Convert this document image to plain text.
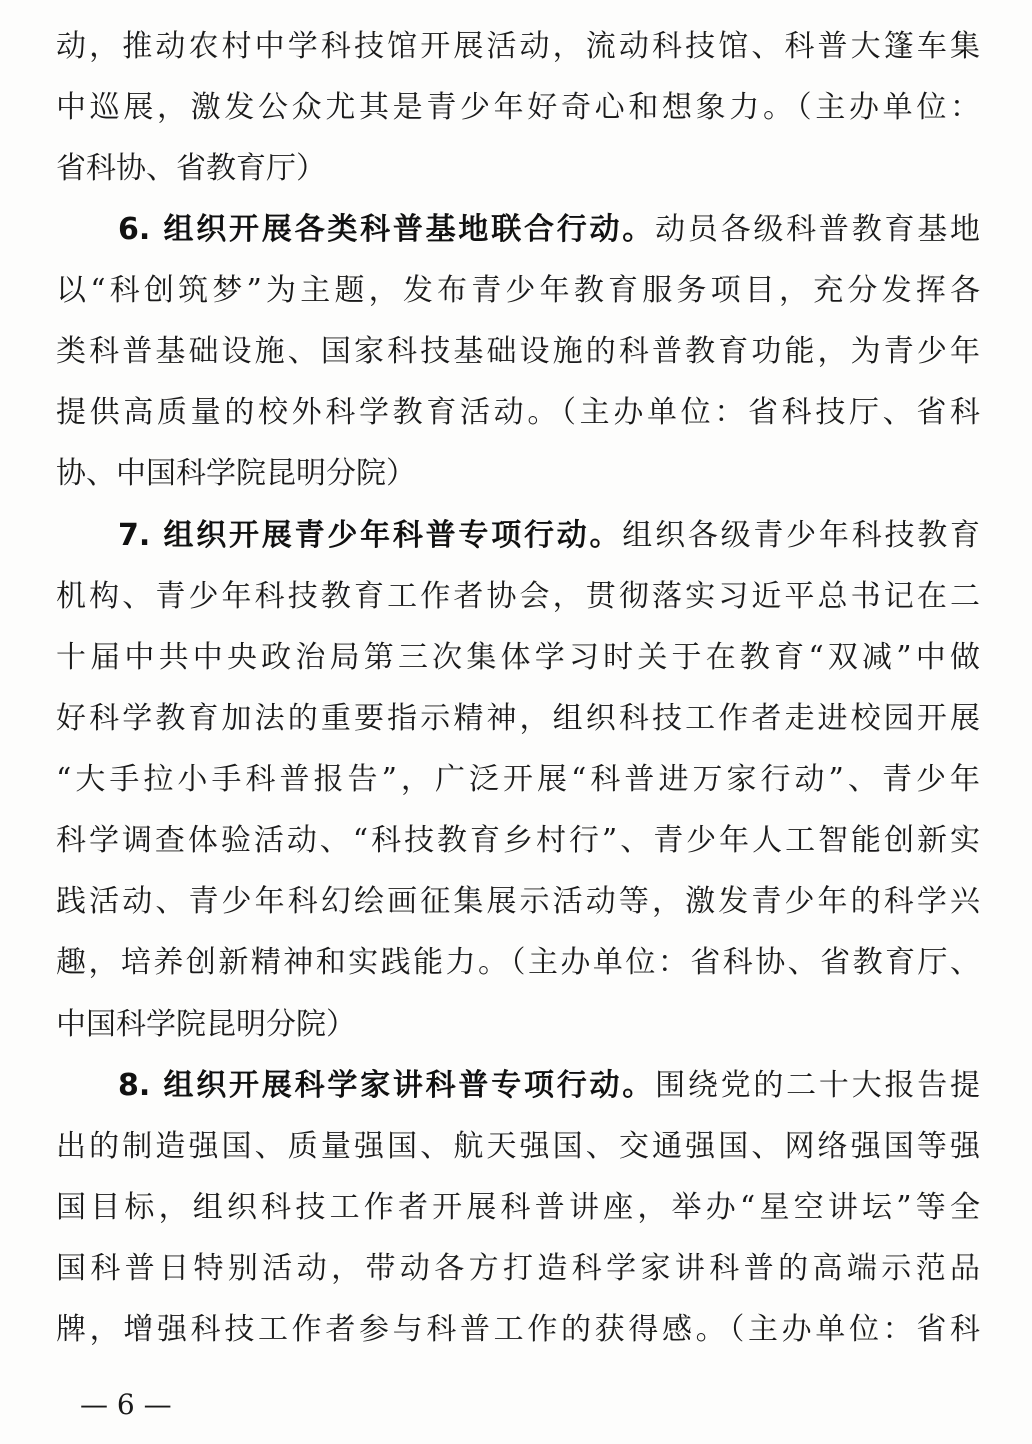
动，推动农村中学科技馆开展活动，流动科技馆、科普大篷车集
中巡展，激发公众尤其是青少年好奇心和想象力。（主办单位：
省科协、省教育厅）
6. 组织开展各类科普基地联合行动。动员各级科普教育基地
以“科创筑梦”为主题，发布青少年教育服务项目，充分发挥各
类科普基础设施、国家科技基础设施的科普教育功能，为青少年
提供高质量的校外科学教育活动。（主办单位：省科技厅、省科
协、中国科学院昆明分院）
7. 组织开展青少年科普专项行动。组织各级青少年科技教育
机构、青少年科技教育工作者协会，贯彻落实习近平总书记在二
十届中共中央政治局第三次集体学习时关于在教育“双减”中做
好科学教育加法的重要指示精神，组织科技工作者走进校园开展
“大手拉小手科普报告”，广泛开展“科普进万家行动”、青少年
科学调查体验活动、“科技教育乡村行”、青少年人工智能创新实
践活动、青少年科幻绘画征集展示活动等，激发青少年的科学兴
趣，培养创新精神和实践能力。（主办单位：省科协、省教育厅、
中国科学院昆明分院）
8. 组织开展科学家讲科普专项行动。围绕党的二十大报告提
出的制造强国、质量强国、航天强国、交通强国、网络强国等强
国目标，组织科技工作者开展科普讲座，举办“星空讲坛”等全
国科普日特别活动，带动各方打造科学家讲科普的高端示范品
牌，增强科技工作者参与科普工作的获得感。（主办单位：省科
— 6 —
